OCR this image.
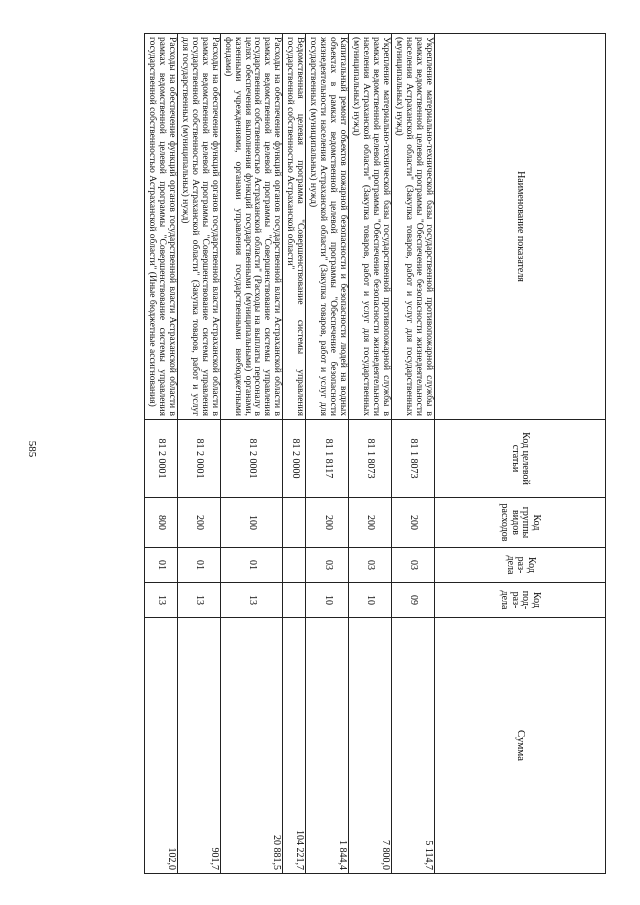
585
Наименование показателя	Код целевой статьи	Код группы видов расходов	Код раз-дела	Код под-раз-дела	Сумма
Укрепление материально-технической базы государственной противопожарной службы в рамках ведомственной целевой программы "Обеспечение безопасности жизнедеятельности населения Астраханской области" (Закупка товаров, работ и услуг для государственных (муниципальных) нужд)	81 1 8073	200	03	09	5 114,7
Укрепление материально-технической базы государственной противопожарной службы в рамках ведомственной целевой программы "Обеспечение безопасности жизнедеятельности населения Астраханской области" (Закупка товаров, работ и услуг для государственных (муниципальных) нужд)	81 1 8073	200	03	10	7 800,0
Капитальный ремонт объектов пожарной безопасности и безопасности людей на водных объектах в рамках ведомственной целевой программы "Обеспечение безопасности жизнедеятельности населения Астраханской области" (Закупка товаров, работ и услуг для государственных (муниципальных) нужд)	81 1 8117	200	03	10	1 844,4
Ведомственная целевая программа "Совершенствование системы управления государственной собственностью Астраханской области"	81 2 0000				104 221,7
Расходы на обеспечение функций органов государственной власти Астраханской области в рамках ведомственной целевой программы "Совершенствование системы управления государственной собственностью Астраханской области" (Расходы на выплаты персоналу в целях обеспечения выполнения функций государственными (муниципальными) органами, казенными учреждениями, органами управления государственными внебюджетными фондами)	81 2 0001	100	01	13	20 881,5
Расходы на обеспечение функций органов государственной власти Астраханской области в рамках ведомственной целевой программы "Совершенствование системы управления государственной собственностью Астраханской области" (Закупка товаров, работ и услуг для государственных (муниципальных) нужд)	81 2 0001	200	01	13	901,7
Расходы на обеспечение функций органов государственной власти Астраханской области в рамках ведомственной целевой программы "Совершенствование системы управления государственной собственностью Астраханской области" (Иные бюджетные ассигнования)	81 2 0001	800	01	13	102,0
